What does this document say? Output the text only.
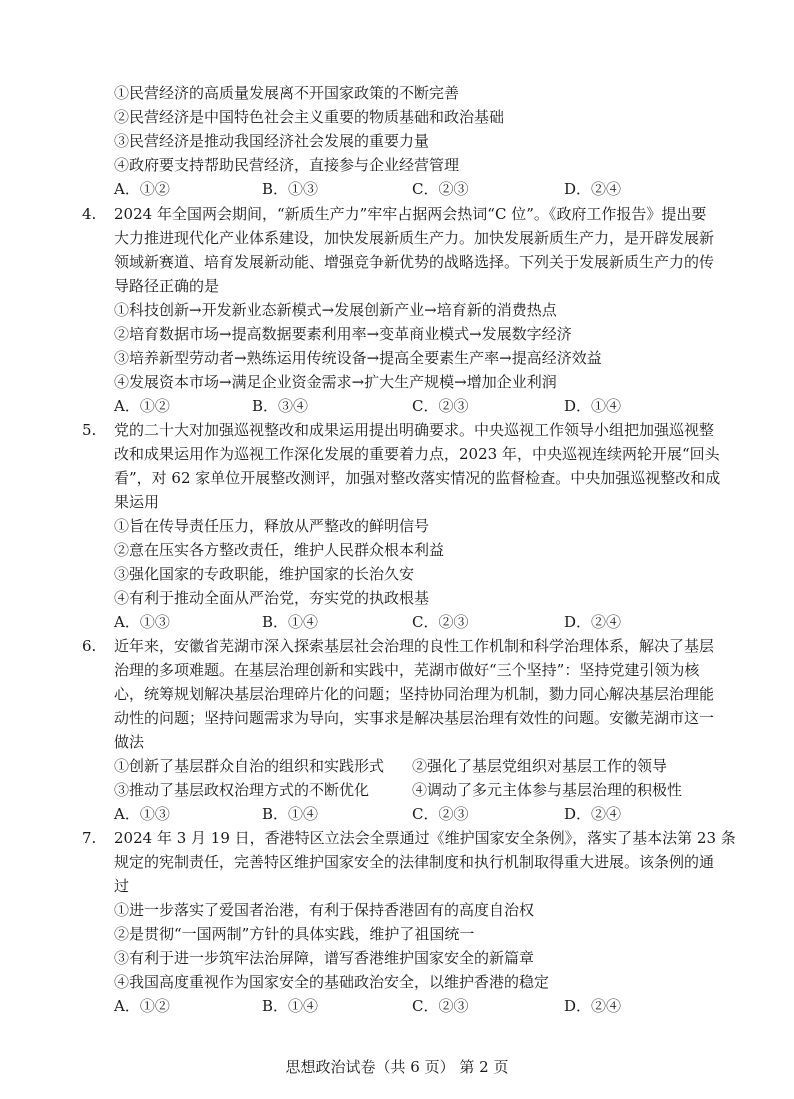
①民营经济的高质量发展离不开国家政策的不断完善
②民营经济是中国特色社会主义重要的物质基础和政治基础
③民营经济是推动我国经济社会发展的重要力量
④政府要支持帮助民营经济，直接参与企业经营管理
A．①②	B．①③	C．②③	D．②④
4. 2024 年全国两会期间，“新质生产力”牢牢占据两会热词“C 位”。《政府工作报告》提出要
大力推进现代化产业体系建设，加快发展新质生产力。加快发展新质生产力，是开辟发展新
领域新赛道、培育发展新动能、增强竞争新优势的战略选择。下列关于发展新质生产力的传
导路径正确的是
①科技创新→开发新业态新模式→发展创新产业→培育新的消费热点
②培育数据市场→提高数据要素利用率→变革商业模式→发展数字经济
③培养新型劳动者→熟练运用传统设备→提高全要素生产率→提高经济效益
④发展资本市场→满足企业资金需求→扩大生产规模→增加企业利润
A．①②	B．③④	C．②③	D．①④
5. 党的二十大对加强巡视整改和成果运用提出明确要求。中央巡视工作领导小组把加强巡视整
改和成果运用作为巡视工作深化发展的重要着力点，2023 年，中央巡视连续两轮开展“回头
看”，对 62 家单位开展整改测评，加强对整改落实情况的监督检查。中央加强巡视整改和成
果运用
①旨在传导责任压力，释放从严整改的鲜明信号
②意在压实各方整改责任，维护人民群众根本利益
③强化国家的专政职能，维护国家的长治久安
④有利于推动全面从严治党，夯实党的执政根基
A．①③	B．①④	C．②③	D．②④
6. 近年来，安徽省芜湖市深入探索基层社会治理的良性工作机制和科学治理体系，解决了基层
治理的多项难题。在基层治理创新和实践中，芜湖市做好“三个坚持”：坚持党建引领为核
心，统筹规划解决基层治理碎片化的问题；坚持协同治理为机制，勠力同心解决基层治理能
动性的问题；坚持问题需求为导向，实事求是解决基层治理有效性的问题。安徽芜湖市这一
做法
①创新了基层群众自治的组织和实践形式 ②强化了基层党组织对基层工作的领导
③推动了基层政权治理方式的不断优化	④调动了多元主体参与基层治理的积极性
A．①③	B．①④	C．②③	D．②④
7. 2024 年 3 月 19 日，香港特区立法会全票通过《维护国家安全条例》，落实了基本法第 23 条
规定的宪制责任，完善特区维护国家安全的法律制度和执行机制取得重大进展。该条例的通
过
①进一步落实了爱国者治港，有利于保持香港固有的高度自治权
②是贯彻“一国两制”方针的具体实践，维护了祖国统一
③有利于进一步筑牢法治屏障，谱写香港维护国家安全的新篇章
④我国高度重视作为国家安全的基础政治安全，以维护香港的稳定
A．①②	B．①④	C．②③	D．②④
思想政治试卷（共 6 页） 第 2 页
